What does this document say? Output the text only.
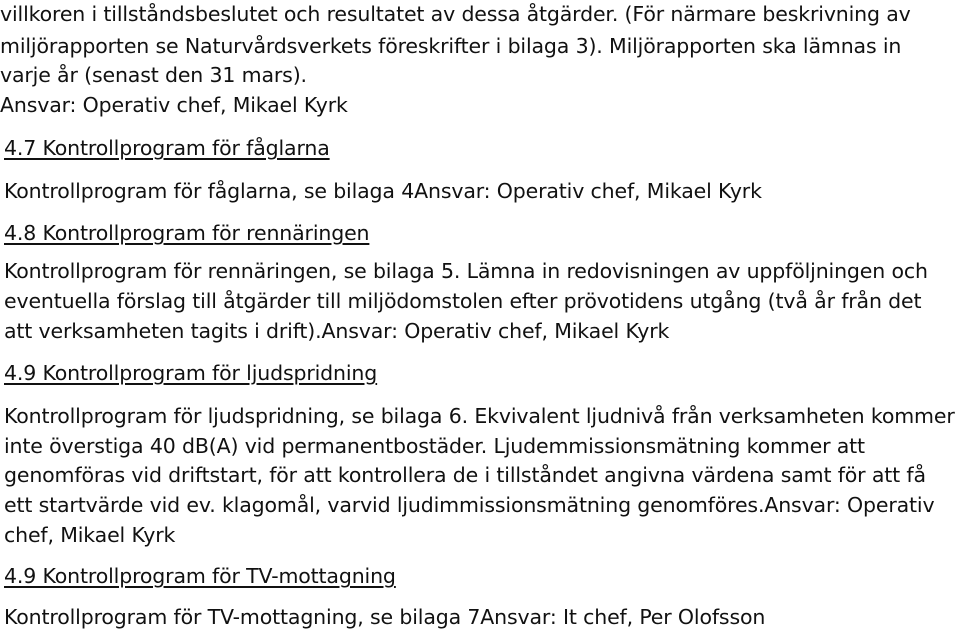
villkoren i tillståndsbeslutet och resultatet av dessa åtgärder. (För närmare beskrivning av
miljörapporten se Naturvårdsverkets föreskrifter i bilaga 3). Miljörapporten ska lämnas in
varje år (senast den 31 mars).
Ansvar: Operativ chef, Mikael Kyrk
4.7 Kontrollprogram för fåglarna
Kontrollprogram för fåglarna, se bilaga 4Ansvar: Operativ chef, Mikael Kyrk
4.8 Kontrollprogram för rennäringen
Kontrollprogram för rennäringen, se bilaga 5. Lämna in redovisningen av uppföljningen och
eventuella förslag till åtgärder till miljödomstolen efter prövotidens utgång (två år från det
att verksamheten tagits i drift).Ansvar: Operativ chef, Mikael Kyrk
4.9 Kontrollprogram för ljudspridning
Kontrollprogram för ljudspridning, se bilaga 6. Ekvivalent ljudnivå från verksamheten kommer
inte överstiga 40 dB(A) vid permanentbostäder. Ljudemmissionsmätning kommer att
genomföras vid driftstart, för att kontrollera de i tillståndet angivna värdena samt för att få
ett startvärde vid ev. klagomål, varvid ljudimmissionsmätning genomföres.Ansvar: Operativ
chef, Mikael Kyrk
4.9 Kontrollprogram för TV-mottagning
Kontrollprogram för TV-mottagning, se bilaga 7Ansvar: It chef, Per Olofsson
